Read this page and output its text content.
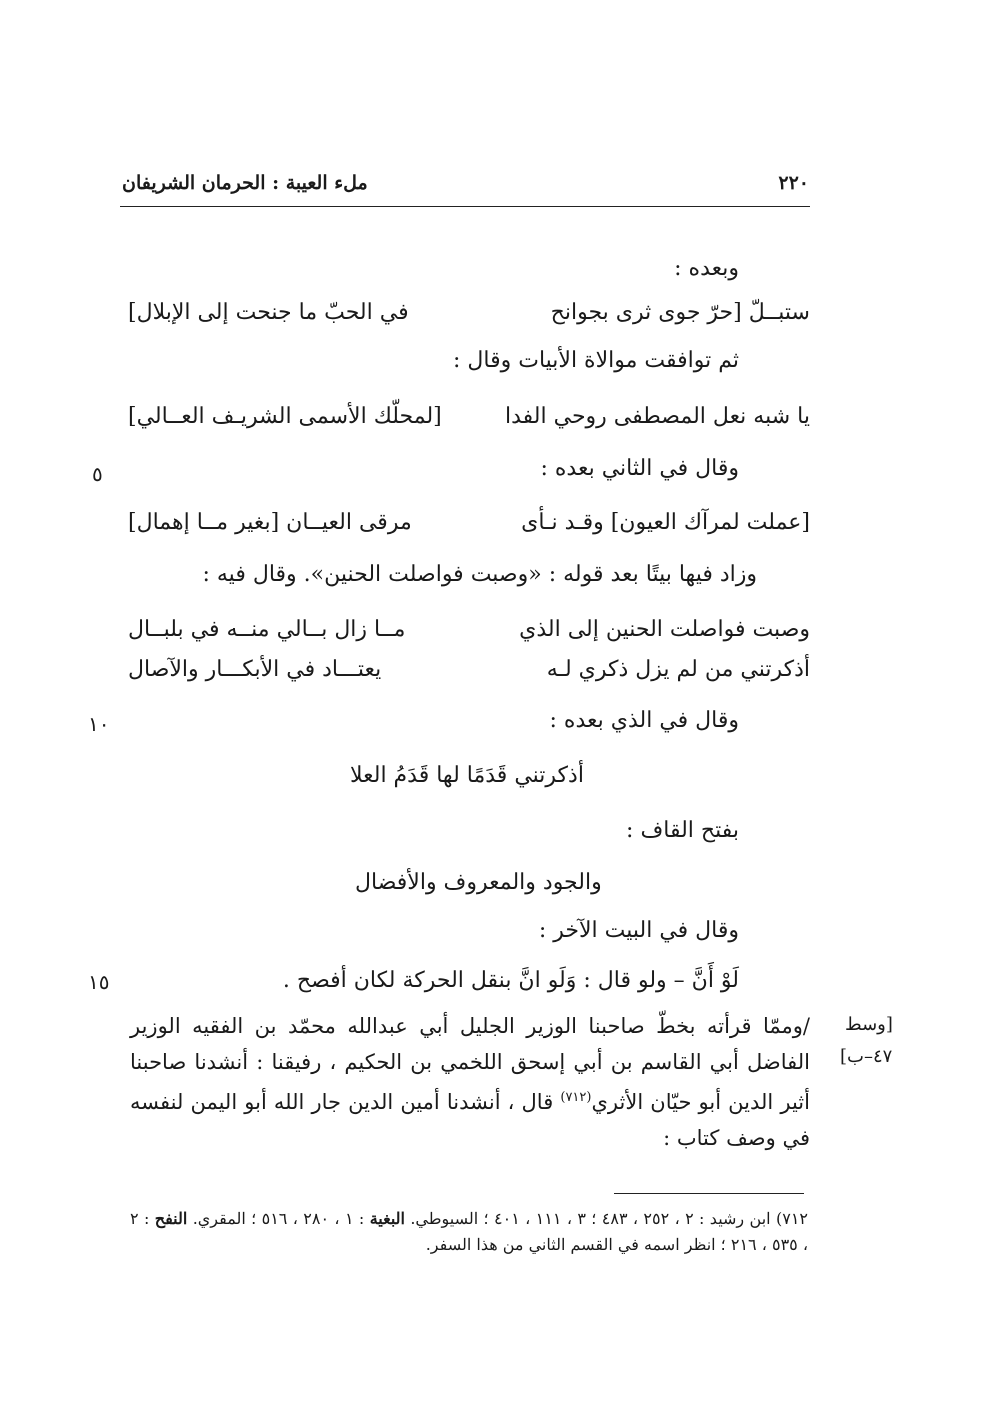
٢٢٠
ملء العيبة : الحرمان الشريفان
وبعده :
ستبــلّ [حرّ جوى ثرى بجوانح
في الحبّ ما جنحت إلى الإبلال]
ثم توافقت موالاة الأبيات وقال :
يا شبه نعل المصطفى روحي الفدا
[لمحلّك الأسمى الشريـف العــالي]
وقال في الثاني بعده :
[عملت لمرآك العيون] وقـد نـأى
مرقى العيــان [بغير مــا إهمال]
وزاد فيها بيتًا بعد قوله : «وصبت فواصلت الحنين». وقال فيه :
وصبت فواصلت الحنين إلى الذي
مــا زال بــالي منــه في بلبــال
أذكرتني من لم يزل ذكري لـه
يعتـــاد في الأبكـــار والآصال
وقال في الذي بعده :
أذكرتني قَدَمًا لها قَدَمُ العلا
بفتح القاف :
والجود والمعروف والأفضال
وقال في البيت الآخر :
لَوْ أَنَّ – ولو قال : وَلَو انَّ بنقل الحركة لكان أفصح .
/وممّا قرأته بخطّ صاحبنا الوزير الجليل أبي عبدالله محمّد بن الفقيه الوزير الفاضل أبي القاسم بن أبي إسحق اللخمي بن الحكيم ، رفيقنا : أنشدنا صاحبنا أثير الدين أبو حيّان الأثري$^{(٧١٢)}$ قال ، أنشدنا أمين الدين جار الله أبو اليمن لنفسه في وصف كتاب :
٥
١٠
١٥
[وسط
٤٧–ب]
٧١٢) ابن رشيد : ٢ ، ٢٥٢ ، ٤٨٣ ؛ ٣ ، ١١١ ، ٤٠١ ؛ السيوطي. البغية : ١ ، ٢٨٠ ، ٥١٦ ؛ المقري. النفح : ٢ ، ٥٣٥ ، ٢١٦ ؛ انظر اسمه في القسم الثاني من هذا السفر.
